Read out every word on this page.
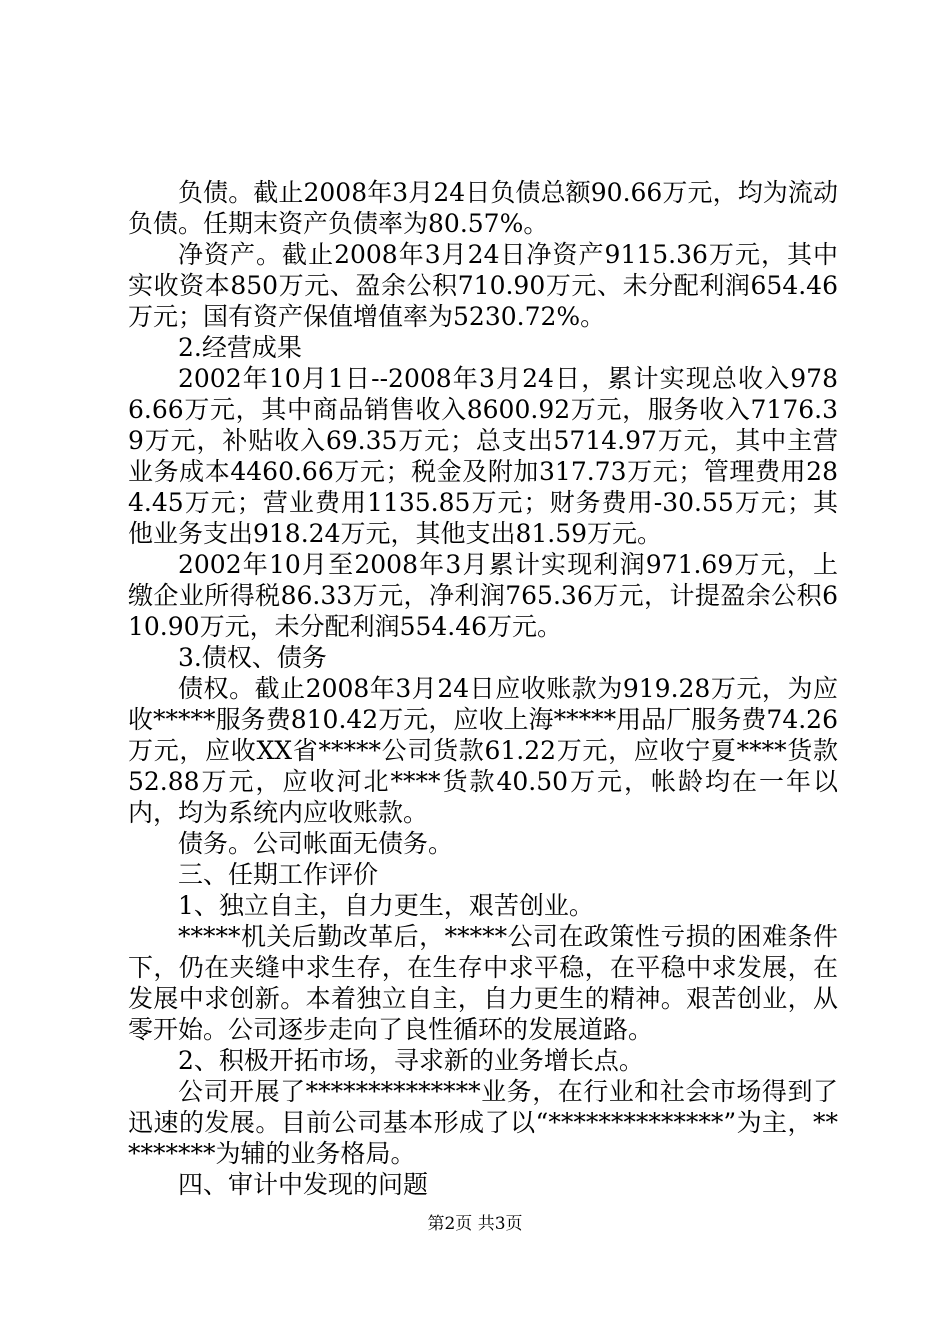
负债。截止2008年3月24日负债总额90.66万元，均为流动负债。任期末资产负债率为80.57%。

净资产。截止2008年3月24日净资产9115.36万元，其中实收资本850万元、盈余公积710.90万元、未分配利润654.46万元；国有资产保值增值率为5230.72%。

2.经营成果

2002年10月1日--2008年3月24日，累计实现总收入9786.66万元，其中商品销售收入8600.92万元，服务收入7176.39万元，补贴收入69.35万元；总支出5714.97万元，其中主营业务成本4460.66万元；税金及附加317.73万元；管理费用284.45万元；营业费用1135.85万元；财务费用-30.55万元；其他业务支出918.24万元，其他支出81.59万元。

2002年10月至2008年3月累计实现利润971.69万元，上缴企业所得税86.33万元，净利润765.36万元，计提盈余公积610.90万元，未分配利润554.46万元。

3.债权、债务

债权。截止2008年3月24日应收账款为919.28万元，为应收*****服务费810.42万元，应收上海*****用品厂服务费74.26万元，应收XX省*****公司货款61.22万元，应收宁夏****货款52.88万元，应收河北****货款40.50万元，帐龄均在一年以内，均为系统内应收账款。

债务。公司帐面无债务。

三、任期工作评价

1、独立自主，自力更生，艰苦创业。

*****机关后勤改革后，*****公司在政策性亏损的困难条件下，仍在夹缝中求生存，在生存中求平稳，在平稳中求发展，在发展中求创新。本着独立自主，自力更生的精神。艰苦创业，从零开始。公司逐步走向了良性循环的发展道路。

2、积极开拓市场，寻求新的业务增长点。

公司开展了**************业务，在行业和社会市场得到了迅速的发展。目前公司基本形成了以“**************”为主，*********为辅的业务格局。

四、审计中发现的问题

第2页 共3页
